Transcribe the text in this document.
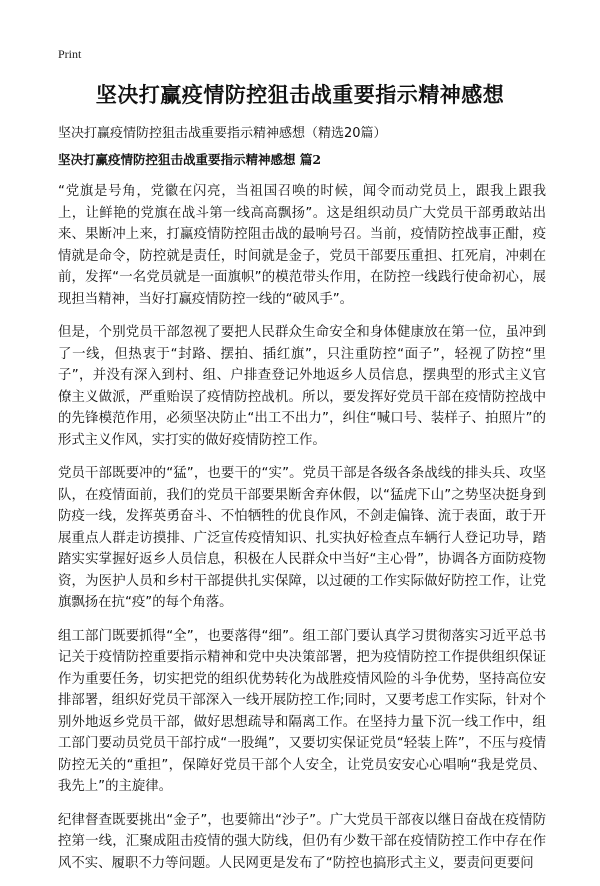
Print
坚决打赢疫情防控狙击战重要指示精神感想

坚决打赢疫情防控狙击战重要指示精神感想（精选20篇）

坚决打赢疫情防控狙击战重要指示精神感想 篇2

“党旗是号角，党徽在闪亮，当祖国召唤的时候，闻令而动党员上，跟我上跟我上，让鲜艳的党旗在战斗第一线高高飘扬”。这是组织动员广大党员干部勇敢站出来、果断冲上来，打赢疫情防控阻击战的最响号召。当前，疫情防控战事正酣，疫情就是命令，防控就是责任，时间就是金子，党员干部要压重担、扛死肩，冲刺在前，发挥“一名党员就是一面旗帜”的模范带头作用，在防控一线践行使命初心，展现担当精神，当好打赢疫情防控一线的“破风手”。

但是，个别党员干部忽视了要把人民群众生命安全和身体健康放在第一位，虽冲到了一线，但热衷于“封路、摆拍、插红旗”，只注重防控“面子”，轻视了防控“里子”，并没有深入到村、组、户排查登记外地返乡人员信息，摆典型的形式主义官僚主义做派，严重贻误了疫情防控战机。所以，要发挥好党员干部在疫情防控战中的先锋模范作用，必须坚决防止“出工不出力”，纠住“喊口号、装样子、拍照片”的形式主义作风，实打实的做好疫情防控工作。

党员干部既要冲的“猛”，也要干的“实”。党员干部是各级各条战线的排头兵、攻坚队，在疫情面前，我们的党员干部要果断舍弃休假，以“猛虎下山”之势坚决挺身到防疫一线，发挥英勇奋斗、不怕牺牲的优良作风，不剑走偏锋、流于表面，敢于开展重点人群走访摸排、广泛宣传疫情知识、扎实执好检查点车辆行人登记功导，踏踏实实掌握好返乡人员信息，积极在人民群众中当好“主心骨”，协调各方面防疫物资，为医护人员和乡村干部提供扎实保障，以过硬的工作实际做好防控工作，让党旗飘扬在抗“疫”的每个角落。

组工部门既要抓得“全”，也要落得“细”。组工部门要认真学习贯彻落实习近平总书记关于疫情防控重要指示精神和党中央决策部署，把为疫情防控工作提供组织保证作为重要任务，切实把党的组织优势转化为战胜疫情风险的斗争优势，坚持高位安排部署，组织好党员干部深入一线开展防控工作;同时，又要考虑工作实际，针对个别外地返乡党员干部，做好思想疏导和隔离工作。在坚持力量下沉一线工作中，组工部门要动员党员干部拧成“一股绳”，又要切实保证党员“轻装上阵”，不压与疫情防控无关的“重担”，保障好党员干部个人安全，让党员安安心心唱响“我是党员、我先上”的主旋律。

纪律督查既要挑出“金子”，也要筛出“沙子”。广大党员干部夜以继日奋战在疫情防控第一线，汇聚成阻击疫情的强大防线，但仍有少数干部在疫情防控工作中存在作风不实、履职不力等问题。人民网更是发布了“防控也搞形式主义，要责问更要问
